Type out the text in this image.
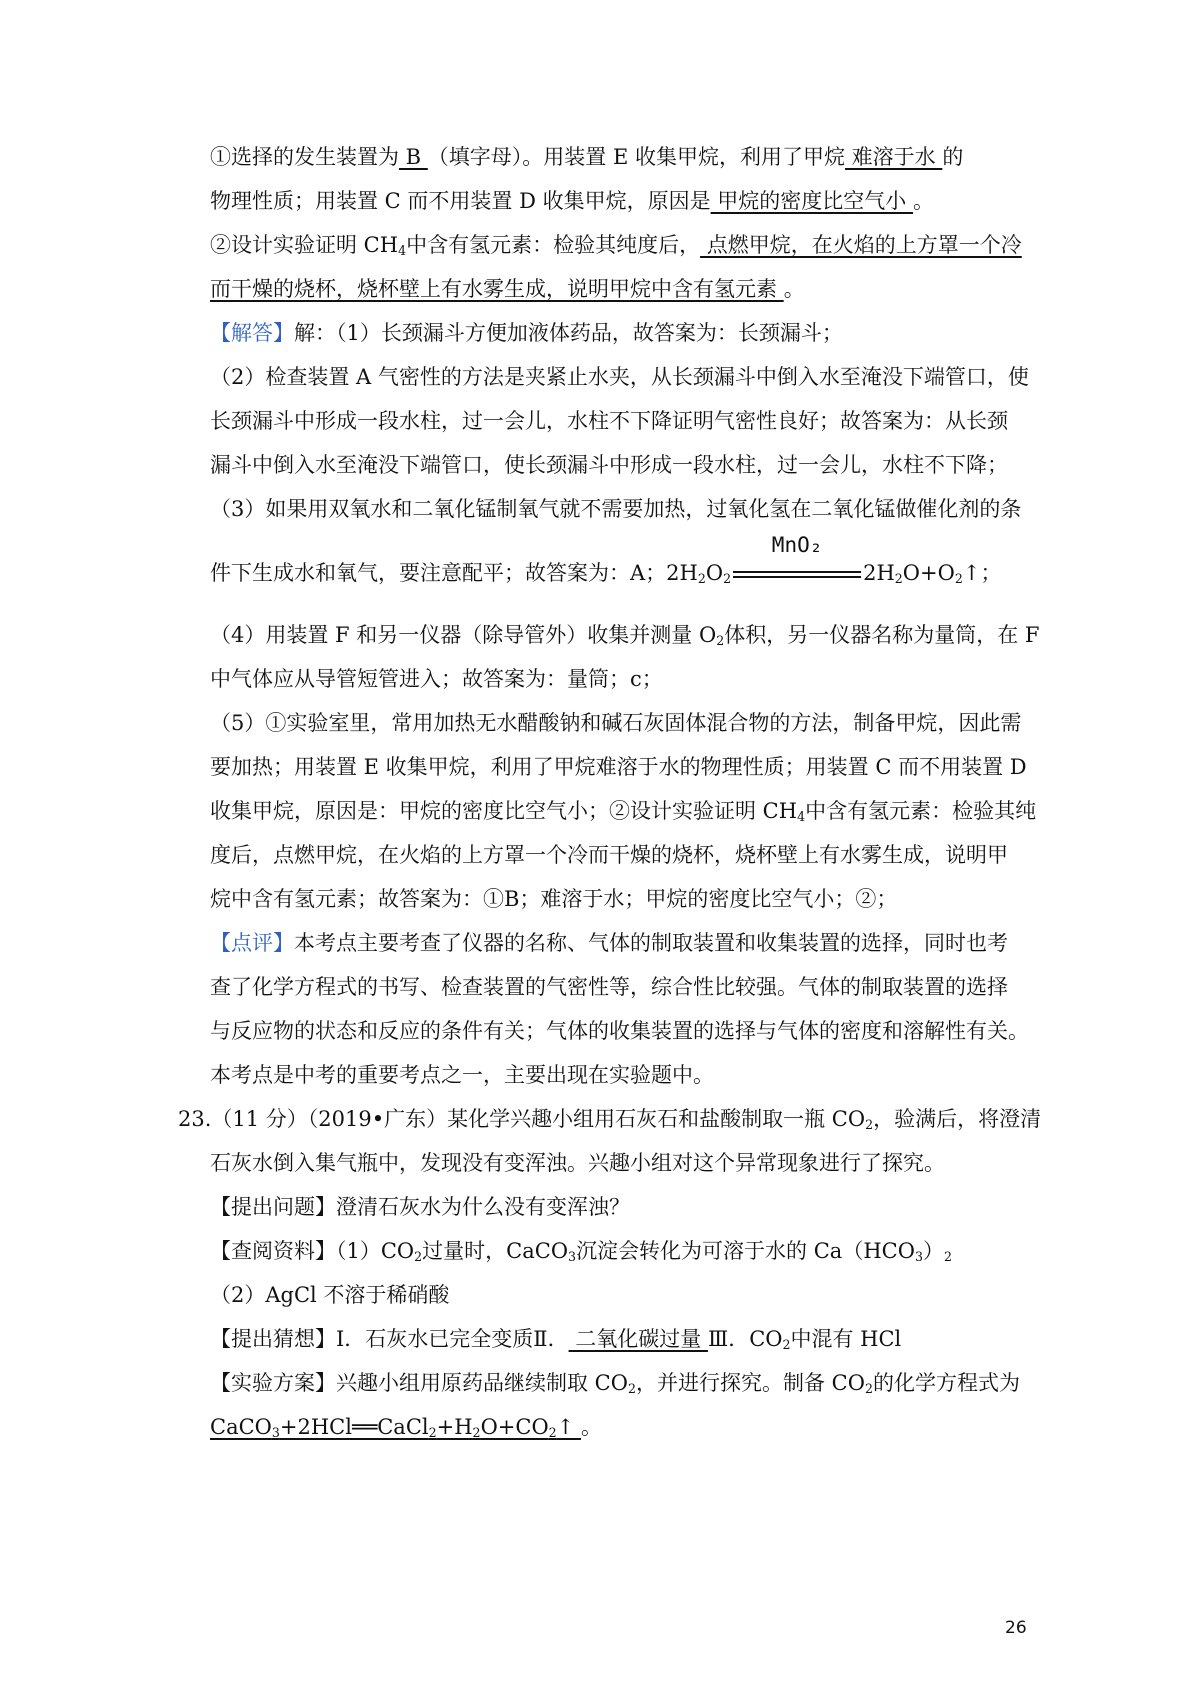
①选择的发生装置为 B （填字母）。用装置 E 收集甲烷，利用了甲烷 难溶于水 的
物理性质；用装置 C 而不用装置 D 收集甲烷，原因是 甲烷的密度比空气小 。
②设计实验证明 $CH_4$中含有氢元素：检验其纯度后， 点燃甲烷，在火焰的上方罩一个冷
而干燥的烧杯，烧杯壁上有水雾生成，说明甲烷中含有氢元素 。
【解答】解：（1）长颈漏斗方便加液体药品，故答案为：长颈漏斗；
（2）检查装置 A 气密性的方法是夹紧止水夹，从长颈漏斗中倒入水至淹没下端管口，使
长颈漏斗中形成一段水柱，过一会儿，水柱不下降证明气密性良好；故答案为：从长颈
漏斗中倒入水至淹没下端管口，使长颈漏斗中形成一段水柱，过一会儿，水柱不下降；
（3）如果用双氧水和二氧化锰制氧气就不需要加热，过氧化氢在二氧化锰做催化剂的条
件下生成水和氧气，要注意配平；故答案为：A；$2H_2O_2$
MnO₂
$2H_2O+O_2↑$；
（4）用装置 F 和另一仪器（除导管外）收集并测量 $O_2$体积，另一仪器名称为量筒，在 F
中气体应从导管短管进入；故答案为：量筒；c；
（5）①实验室里，常用加热无水醋酸钠和碱石灰固体混合物的方法，制备甲烷，因此需
要加热；用装置 E 收集甲烷，利用了甲烷难溶于水的物理性质；用装置 C 而不用装置 D
收集甲烷，原因是：甲烷的密度比空气小；②设计实验证明 $CH_4$中含有氢元素：检验其纯
度后，点燃甲烷，在火焰的上方罩一个冷而干燥的烧杯，烧杯壁上有水雾生成，说明甲
烷中含有氢元素；故答案为：①B；难溶于水；甲烷的密度比空气小；②；
【点评】本考点主要考查了仪器的名称、气体的制取装置和收集装置的选择，同时也考
查了化学方程式的书写、检查装置的气密性等，综合性比较强。气体的制取装置的选择
与反应物的状态和反应的条件有关；气体的收集装置的选择与气体的密度和溶解性有关。
本考点是中考的重要考点之一，主要出现在实验题中。
23.（11 分）（2019•广东）某化学兴趣小组用石灰石和盐酸制取一瓶 $CO_2$，验满后，将澄清
石灰水倒入集气瓶中，发现没有变浑浊。兴趣小组对这个异常现象进行了探究。
【提出问题】澄清石灰水为什么没有变浑浊？
【查阅资料】$(1)CO_2$过量时，CaCO$_3$沉淀会转化为可溶于水的 $Ca(HCO_3)_2$
（2）AgCl 不溶于稀硝酸
【提出猜想】Ⅰ．石灰水已完全变质Ⅱ． 二氧化碳过量 Ⅲ．$CO_2$中混有 HCl
【实验方案】兴趣小组用原药品继续制取 $CO_2$，并进行探究。制备 $CO_2$的化学方程式为
$CaCO_3+2HCl══CaCl_2+H_2O+CO_2↑$ 。
26
